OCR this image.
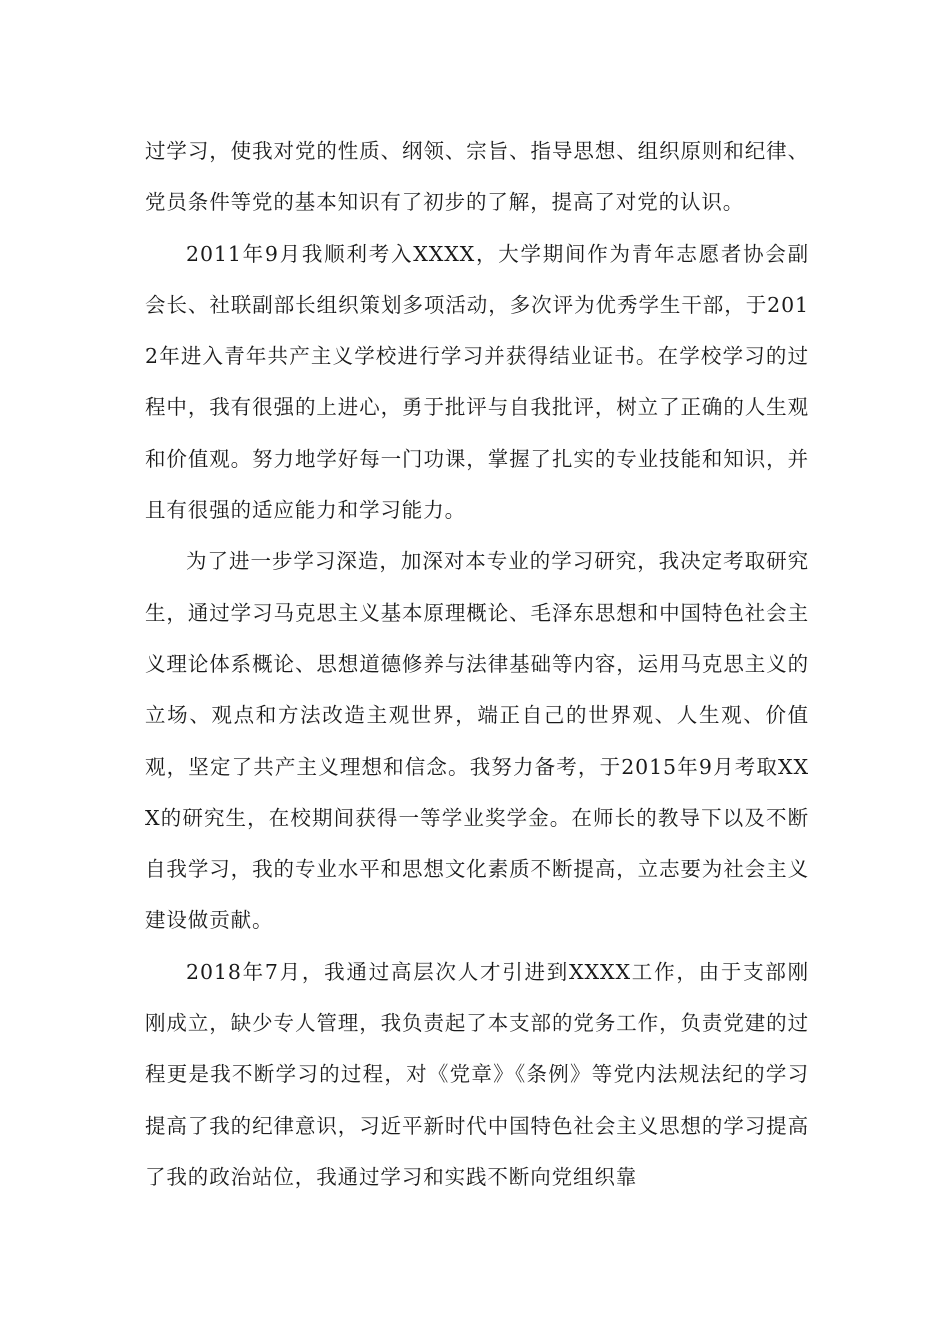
过学习，使我对党的性质、纲领、宗旨、指导思想、组织原则和纪律、党员条件等党的基本知识有了初步的了解，提高了对党的认识。

2011年9月我顺利考入XXXX，大学期间作为青年志愿者协会副会长、社联副部长组织策划多项活动，多次评为优秀学生干部，于2012年进入青年共产主义学校进行学习并获得结业证书。在学校学习的过程中，我有很强的上进心，勇于批评与自我批评，树立了正确的人生观和价值观。努力地学好每一门功课，掌握了扎实的专业技能和知识，并且有很强的适应能力和学习能力。

为了进一步学习深造，加深对本专业的学习研究，我决定考取研究生，通过学习马克思主义基本原理概论、毛泽东思想和中国特色社会主义理论体系概论、思想道德修养与法律基础等内容，运用马克思主义的立场、观点和方法改造主观世界，端正自己的世界观、人生观、价值观，坚定了共产主义理想和信念。我努力备考，于2015年9月考取XXX的研究生，在校期间获得一等学业奖学金。在师长的教导下以及不断自我学习，我的专业水平和思想文化素质不断提高，立志要为社会主义建设做贡献。

2018年7月，我通过高层次人才引进到XXXX工作，由于支部刚刚成立，缺少专人管理，我负责起了本支部的党务工作，负责党建的过程更是我不断学习的过程，对《党章》《条例》等党内法规法纪的学习提高了我的纪律意识，习近平新时代中国特色社会主义思想的学习提高了我的政治站位，我通过学习和实践不断向党组织靠
